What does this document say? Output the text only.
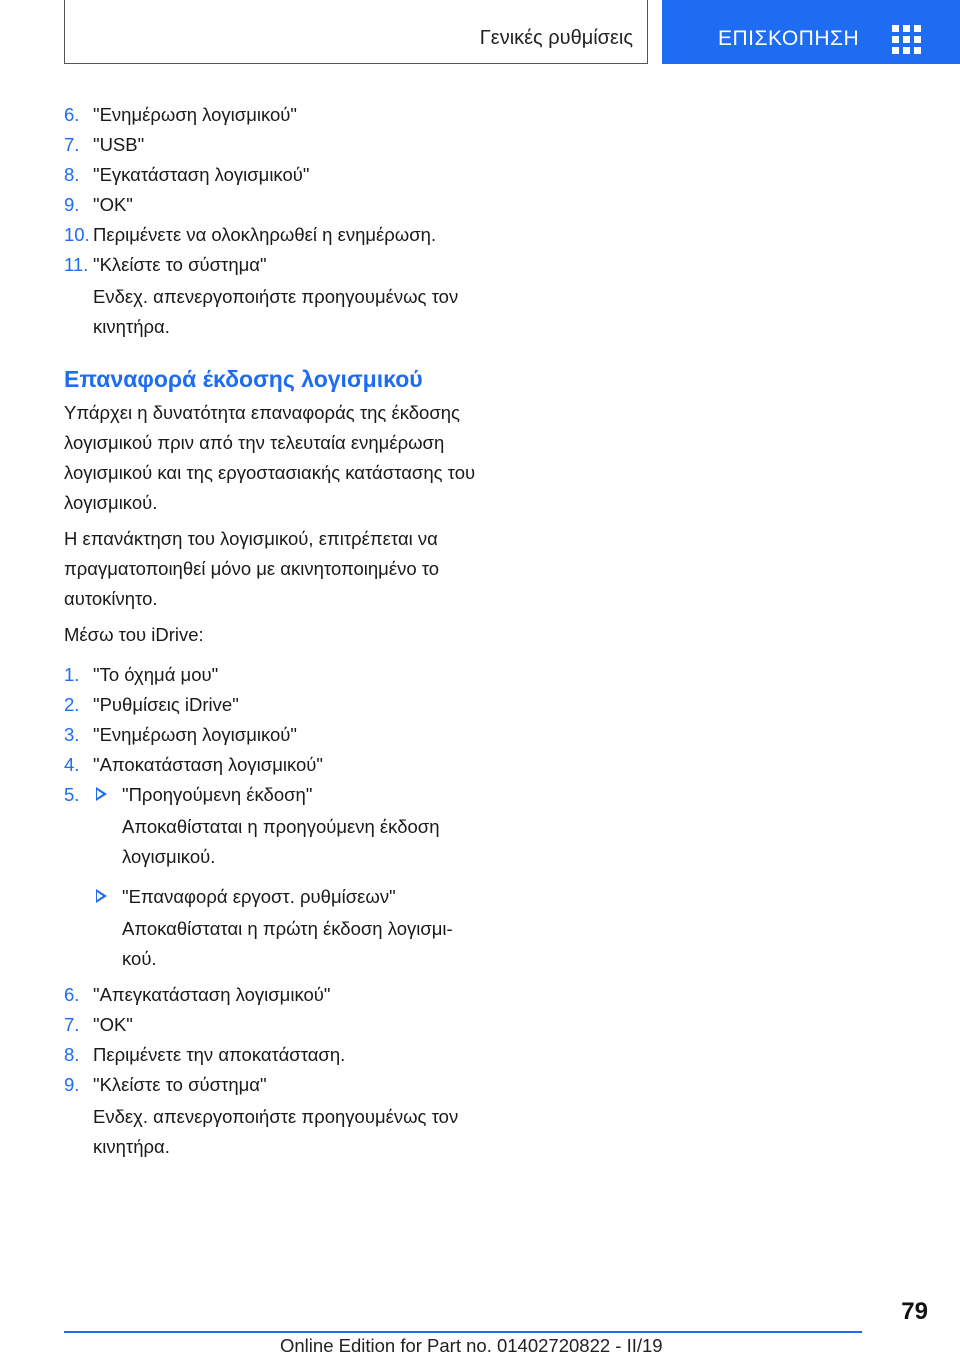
Γενικές ρυθμίσεις	ΕΠΙΣΚΟΠΗΣΗ
6. "Ενημέρωση λογισμικού"
7. "USB"
8. "Εγκατάσταση λογισμικού"
9. "OK"
10. Περιμένετε να ολοκληρωθεί η ενημέρωση.
11. "Κλείστε το σύστημα"
Ενδεχ. απενεργοποιήστε προηγουμένως τον κινητήρα.
Επαναφορά έκδοσης λογισμικού

Υπάρχει η δυνατότητα επαναφοράς της έκδοσης λογισμικού πριν από την τελευταία ενημέρωση λογισμικού και της εργοστασιακής κατάστασης του λογισμικού.

Η επανάκτηση του λογισμικού, επιτρέπεται να πραγματοποιηθεί μόνο με ακινητοποιημένο το αυτοκίνητο.

Μέσω του iDrive:

1. "Το όχημά μου"
2. "Ρυθμίσεις iDrive"
3. "Ενημέρωση λογισμικού"
4. "Αποκατάσταση λογισμικού"
5.	"Προηγούμενη έκδοση"
Αποκαθίσταται η προηγούμενη έκδοση λογισμικού.
"Επαναφορά εργοστ. ρυθμίσεων"
Αποκαθίσταται η πρώτη έκδοση λογισμι-κού.
6. "Απεγκατάσταση λογισμικού"
7. "OK"
8. Περιμένετε την αποκατάσταση.
9. "Κλείστε το σύστημα"
Ενδεχ. απενεργοποιήστε προηγουμένως τον κινητήρα.
79
Online Edition for Part no. 01402720822 - II/19
